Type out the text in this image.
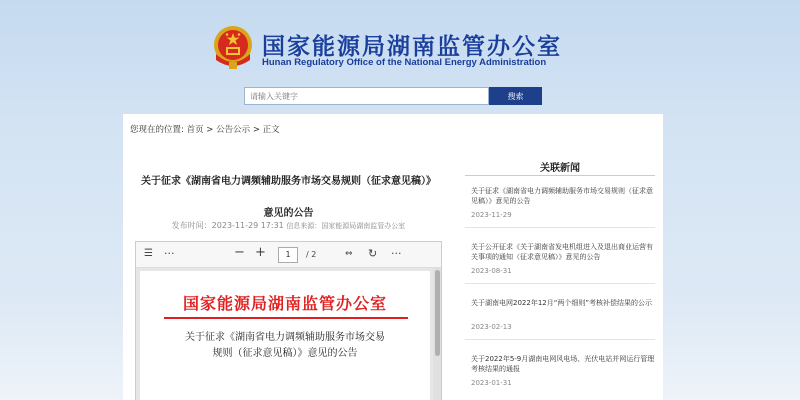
国家能源局湖南监管办公室
Hunan Regulatory Office of the National Energy Administration
请输入关键字
搜索
您现在的位置: 首页 > 公告公示 > 正文
关于征求《湖南省电力调频辅助服务市场交易规则（征求意见稿）》
意见的公告
发布时间：2023-11-29 17:31 信息来源：国家能源局湖南监管办公室
☰ ···	− +	1	/ 2	⇔ ↻ ···
国家能源局湖南监管办公室
关于征求《湖南省电力调频辅助服务市场交易
规则（征求意见稿）》意见的公告
关联新闻
关于征求《湖南省电力调频辅助服务市场交易规则（征求意见稿）》意见的公告
2023-11-29
关于公开征求《关于湖南省发电机组进入及退出商业运营有关事项的通知（征求意见稿）》意见的公告
2023-08-31
关于湖南电网2022年12月“两个细则”考核补偿结果的公示
2023-02-13
关于2022年5-9月湖南电网风电场、光伏电站并网运行管理考核结果的通报
2023-01-31
